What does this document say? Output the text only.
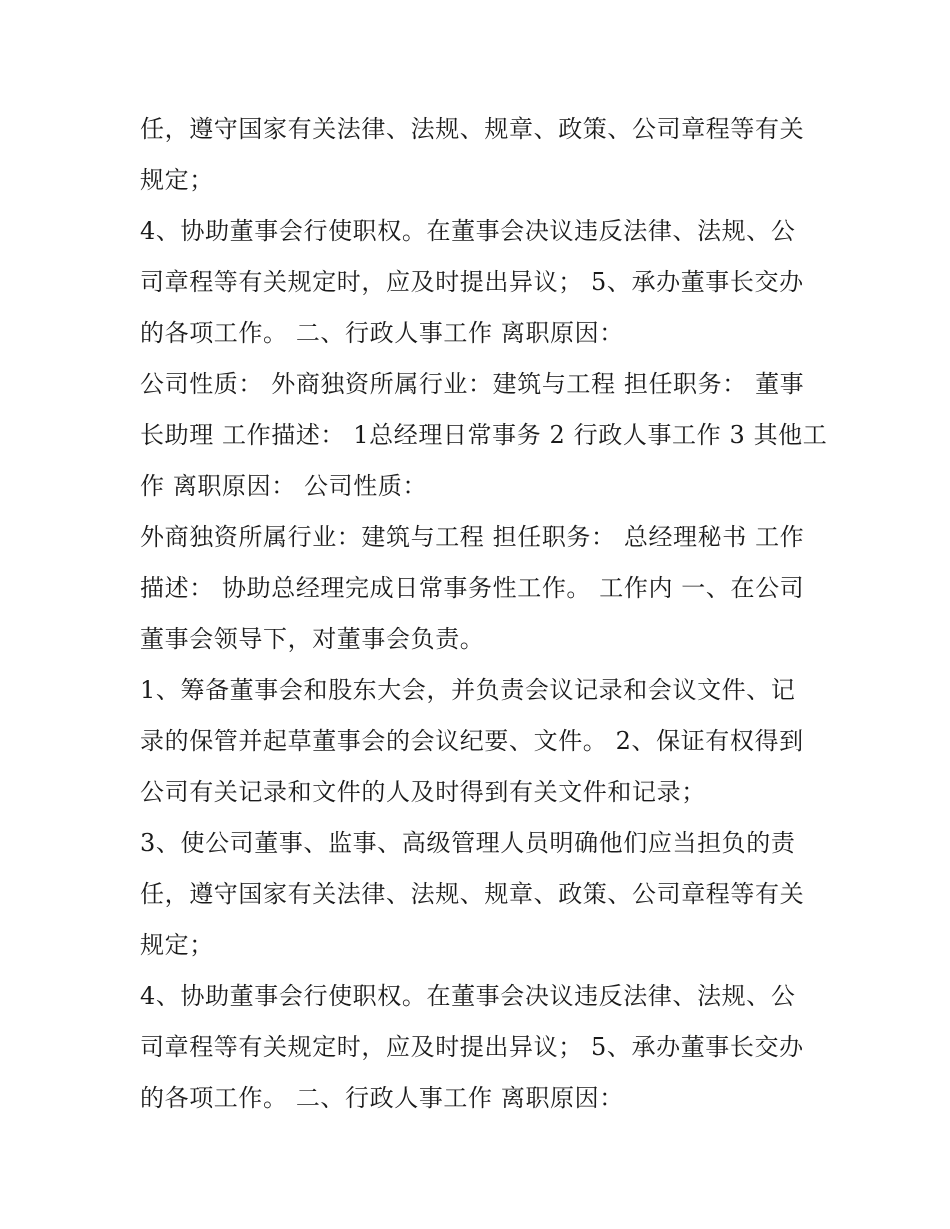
任，遵守国家有关法律、法规、规章、政策、公司章程等有关
规定；

4、协助董事会行使职权。在董事会决议违反法律、法规、公
司章程等有关规定时，应及时提出异议； 5、承办董事长交办
的各项工作。 二、行政人事工作 离职原因：

公司性质： 外商独资所属行业：建筑与工程 担任职务： 董事
长助理 工作描述： 1总经理日常事务 2 行政人事工作 3 其他工
作 离职原因： 公司性质：

外商独资所属行业：建筑与工程 担任职务： 总经理秘书 工作
描述： 协助总经理完成日常事务性工作。 工作内 一、在公司
董事会领导下，对董事会负责。

1、筹备董事会和股东大会，并负责会议记录和会议文件、记
录的保管并起草董事会的会议纪要、文件。 2、保证有权得到
公司有关记录和文件的人及时得到有关文件和记录；

3、使公司董事、监事、高级管理人员明确他们应当担负的责
任，遵守国家有关法律、法规、规章、政策、公司章程等有关
规定；

4、协助董事会行使职权。在董事会决议违反法律、法规、公
司章程等有关规定时，应及时提出异议； 5、承办董事长交办
的各项工作。 二、行政人事工作 离职原因：
